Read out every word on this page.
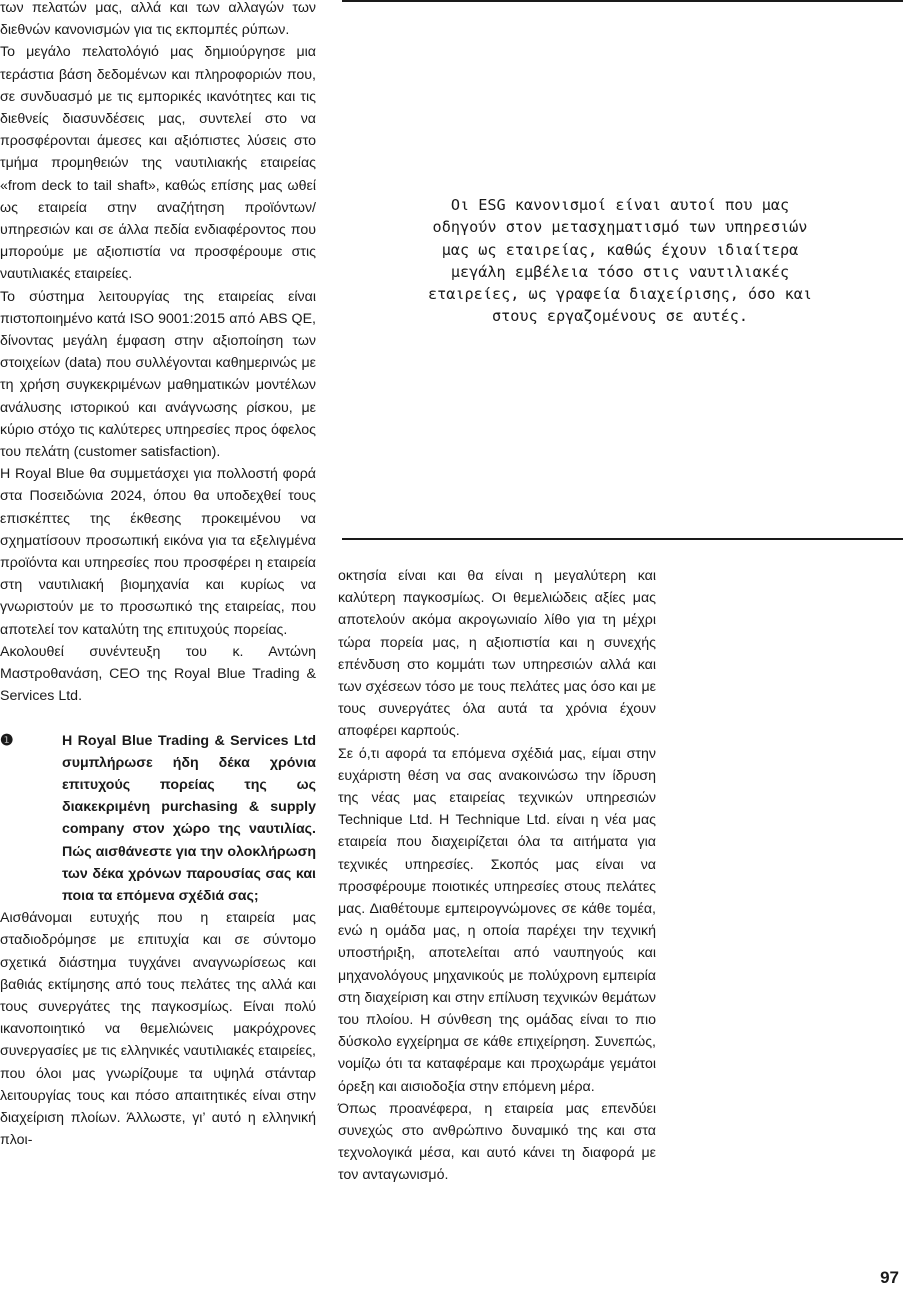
των πελατών μας, αλλά και των αλλαγών των διεθνών κανονισμών για τις εκπομπές ρύπων.

Το μεγάλο πελατολόγιό μας δημιούργησε μια τεράστια βάση δεδομένων και πληροφοριών που, σε συνδυασμό με τις εμπορικές ικανότητες και τις διεθνείς διασυνδέσεις μας, συντελεί στο να προσφέρονται άμεσες και αξιόπιστες λύσεις στο τμήμα προμηθειών της ναυτιλιακής εταιρείας «from deck to tail shaft», καθώς επίσης μας ωθεί ως εταιρεία στην αναζήτηση προϊόντων/ υπηρεσιών και σε άλλα πεδία ενδιαφέροντος που μπορούμε με αξιοπιστία να προσφέρουμε στις ναυτιλιακές εταιρείες.

Το σύστημα λειτουργίας της εταιρείας είναι πιστοποιημένο κατά ISO 9001:2015 από ABS QE, δίνοντας μεγάλη έμφαση στην αξιοποίηση των στοιχείων (data) που συλλέγονται καθημερινώς με τη χρήση συγκεκριμένων μαθηματικών μοντέλων ανάλυσης ιστορικού και ανάγνωσης ρίσκου, με κύριο στόχο τις καλύτερες υπηρεσίες προς όφελος του πελάτη (customer satisfaction).

Η Royal Blue θα συμμετάσχει για πολλοστή φορά στα Ποσειδώνια 2024, όπου θα υποδεχθεί τους επισκέπτες της έκθεσης προκειμένου να σχηματίσουν προσωπική εικόνα για τα εξελιγμένα προϊόντα και υπηρεσίες που προσφέρει η εταιρεία στη ναυτιλιακή βιομηχανία και κυρίως να γνωριστούν με το προσωπικό της εταιρείας, που αποτελεί τον καταλύτη της επιτυχούς πορείας.

Ακολουθεί συνέντευξη του κ. Αντώνη Μαστροθανάση, CEO της Royal Blue Trading & Services Ltd.

❶	Η Royal Blue Trading & Services Ltd συμπλήρωσε ήδη δέκα χρόνια επιτυχούς πορείας της ως διακεκριμένη purchasing & supply company στον χώρο της ναυτιλίας. Πώς αισθάνεστε για την ολοκλήρωση των δέκα χρόνων παρουσίας σας και ποια τα επόμενα σχέδιά σας;

Αισθάνομαι ευτυχής που η εταιρεία μας σταδιοδρόμησε με επιτυχία και σε σύντομο σχετικά διάστημα τυγχάνει αναγνωρίσεως και βαθιάς εκτίμησης από τους πελάτες της αλλά και τους συνεργάτες της παγκοσμίως. Είναι πολύ ικανοποιητικό να θεμελιώνεις μακρόχρονες συνεργασίες με τις ελληνικές ναυτιλιακές εταιρείες, που όλοι μας γνωρίζουμε τα υψηλά στάνταρ λειτουργίας τους και πόσο απαιτητικές είναι στην διαχείριση πλοίων. Άλλωστε, γι’ αυτό η ελληνική πλοι-

Οι ESG κανονισμοί είναι αυτοί που μας οδηγούν στον μετασχηματισμό των υπηρεσιών μας ως εταιρείας, καθώς έχουν ιδιαίτερα μεγάλη εμβέλεια τόσο στις ναυτιλιακές εταιρείες, ως γραφεία διαχείρισης, όσο και στους εργαζομένους σε αυτές.

οκτησία είναι και θα είναι η μεγαλύτερη και καλύτερη παγκοσμίως. Οι θεμελιώδεις αξίες μας αποτελούν ακόμα ακρογωνιαίο λίθο για τη μέχρι τώρα πορεία μας, η αξιοπιστία και η συνεχής επένδυση στο κομμάτι των υπηρεσιών αλλά και των σχέσεων τόσο με τους πελάτες μας όσο και με τους συνεργάτες όλα αυτά τα χρόνια έχουν αποφέρει καρπούς.

Σε ό,τι αφορά τα επόμενα σχέδιά μας, είμαι στην ευχάριστη θέση να σας ανακοινώσω την ίδρυση της νέας μας εταιρείας τεχνικών υπηρεσιών Technique Ltd. Η Technique Ltd. είναι η νέα μας εταιρεία που διαχειρίζεται όλα τα αιτήματα για τεχνικές υπηρεσίες. Σκοπός μας είναι να προσφέρουμε ποιοτικές υπηρεσίες στους πελάτες μας. Διαθέτουμε εμπειρογνώμονες σε κάθε τομέα, ενώ η ομάδα μας, η οποία παρέχει την τεχνική υποστήριξη, αποτελείται από ναυπηγούς και μηχανολόγους μηχανικούς με πολύχρονη εμπειρία στη διαχείριση και στην επίλυση τεχνικών θεμάτων του πλοίου. Η σύνθεση της ομάδας είναι το πιο δύσκολο εγχείρημα σε κάθε επιχείρηση. Συνεπώς, νομίζω ότι τα καταφέραμε και προχωράμε γεμάτοι όρεξη και αισιοδοξία στην επόμενη μέρα.

Όπως προανέφερα, η εταιρεία μας επενδύει συνεχώς στο ανθρώπινο δυναμικό της και στα τεχνολογικά μέσα, και αυτό κάνει τη διαφορά με τον ανταγωνισμό.

97
